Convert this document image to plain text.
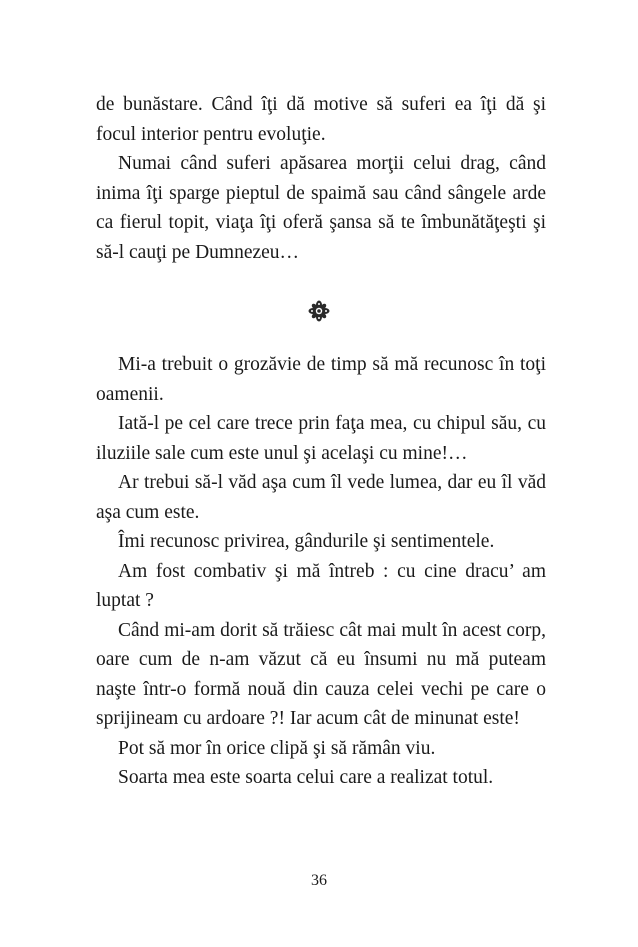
de bunăstare. Când îţi dă motive să suferi ea îţi dă şi focul interior pentru evoluţie.

Numai când suferi apăsarea morţii celui drag, când inima îţi sparge pieptul de spaimă sau când sângele arde ca fierul topit, viaţa îţi oferă şansa să te îmbunătăţeşti şi să-l cauţi pe Dumnezeu…

Mi-a trebuit o grozăvie de timp să mă recunosc în toţi oamenii.

Iată-l pe cel care trece prin faţa mea, cu chipul său, cu iluziile sale cum este unul şi acelaşi cu mine!…

Ar trebui să-l văd aşa cum îl vede lumea, dar eu îl văd aşa cum este.

Îmi recunosc privirea, gândurile şi sentimentele.

Am fost combativ şi mă întreb : cu cine dracu’ am luptat ?

Când mi-am dorit să trăiesc cât mai mult în acest corp, oare cum de n-am văzut că eu însumi nu mă puteam naşte într-o formă nouă din cauza celei vechi pe care o sprijineam cu ardoare ?! Iar acum cât de minunat este!

Pot să mor în orice clipă şi să rămân viu.

Soarta mea este soarta celui care a realizat totul.

36
